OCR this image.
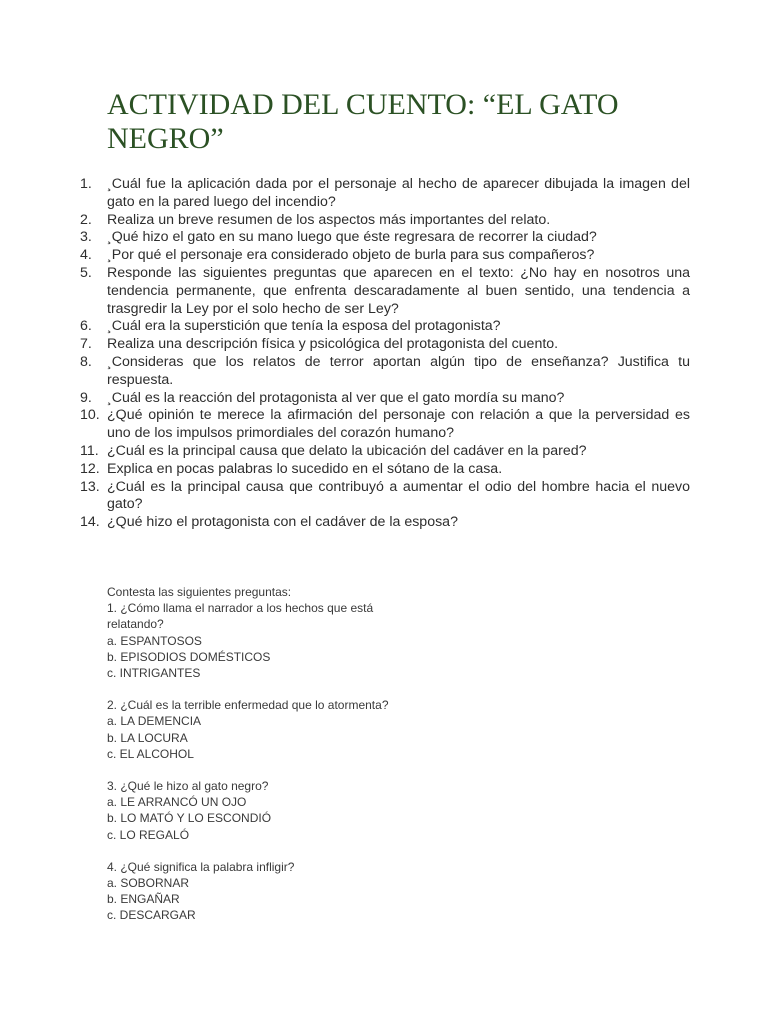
ACTIVIDAD DEL CUENTO: “EL GATO NEGRO”
1. ¸Cuál fue la aplicación dada por el personaje al hecho de aparecer dibujada la imagen del gato en la pared luego del incendio?
2. Realiza un breve resumen de los aspectos más importantes del relato.
3. ¸Qué hizo el gato en su mano luego que éste regresara de recorrer la ciudad?
4. ¸Por qué el personaje era considerado objeto de burla para sus compañeros?
5. Responde las siguientes preguntas que aparecen en el texto: ¿No hay en nosotros una tendencia permanente, que enfrenta descaradamente al buen sentido, una tendencia a trasgredir la Ley por el solo hecho de ser Ley?
6. ¸Cuál era la superstición que tenía la esposa del protagonista?
7. Realiza una descripción física y psicológica del protagonista del cuento.
8. ¸Consideras que los relatos de terror aportan algún tipo de enseñanza? Justifica tu respuesta.
9. ¸Cuál es la reacción del protagonista al ver que el gato mordía su mano?
10. ¿Qué opinión te merece la afirmación del personaje con relación a que la perversidad es uno de los impulsos primordiales del corazón humano?
11. ¿Cuál es la principal causa que delato la ubicación del cadáver en la pared?
12. Explica en pocas palabras lo sucedido en el sótano de la casa.
13. ¿Cuál es la principal causa que contribuyó a aumentar el odio del hombre hacia el nuevo gato?
14. ¿Qué hizo el protagonista con el cadáver de la esposa?
Contesta las siguientes preguntas:
1. ¿Cómo llama el narrador a los hechos que está
relatando?
a. ESPANTOSOS
b. EPISODIOS DOMÉSTICOS
c. INTRIGANTES
2. ¿Cuál es la terrible enfermedad que lo atormenta?
a. LA DEMENCIA
b. LA LOCURA
c. EL ALCOHOL
3. ¿Qué le hizo al gato negro?
a. LE ARRANCÓ UN OJO
b. LO MATÓ Y LO ESCONDIÓ
c. LO REGALÓ
4. ¿Qué significa la palabra infligir?
a. SOBORNAR
b. ENGAÑAR
c. DESCARGAR
